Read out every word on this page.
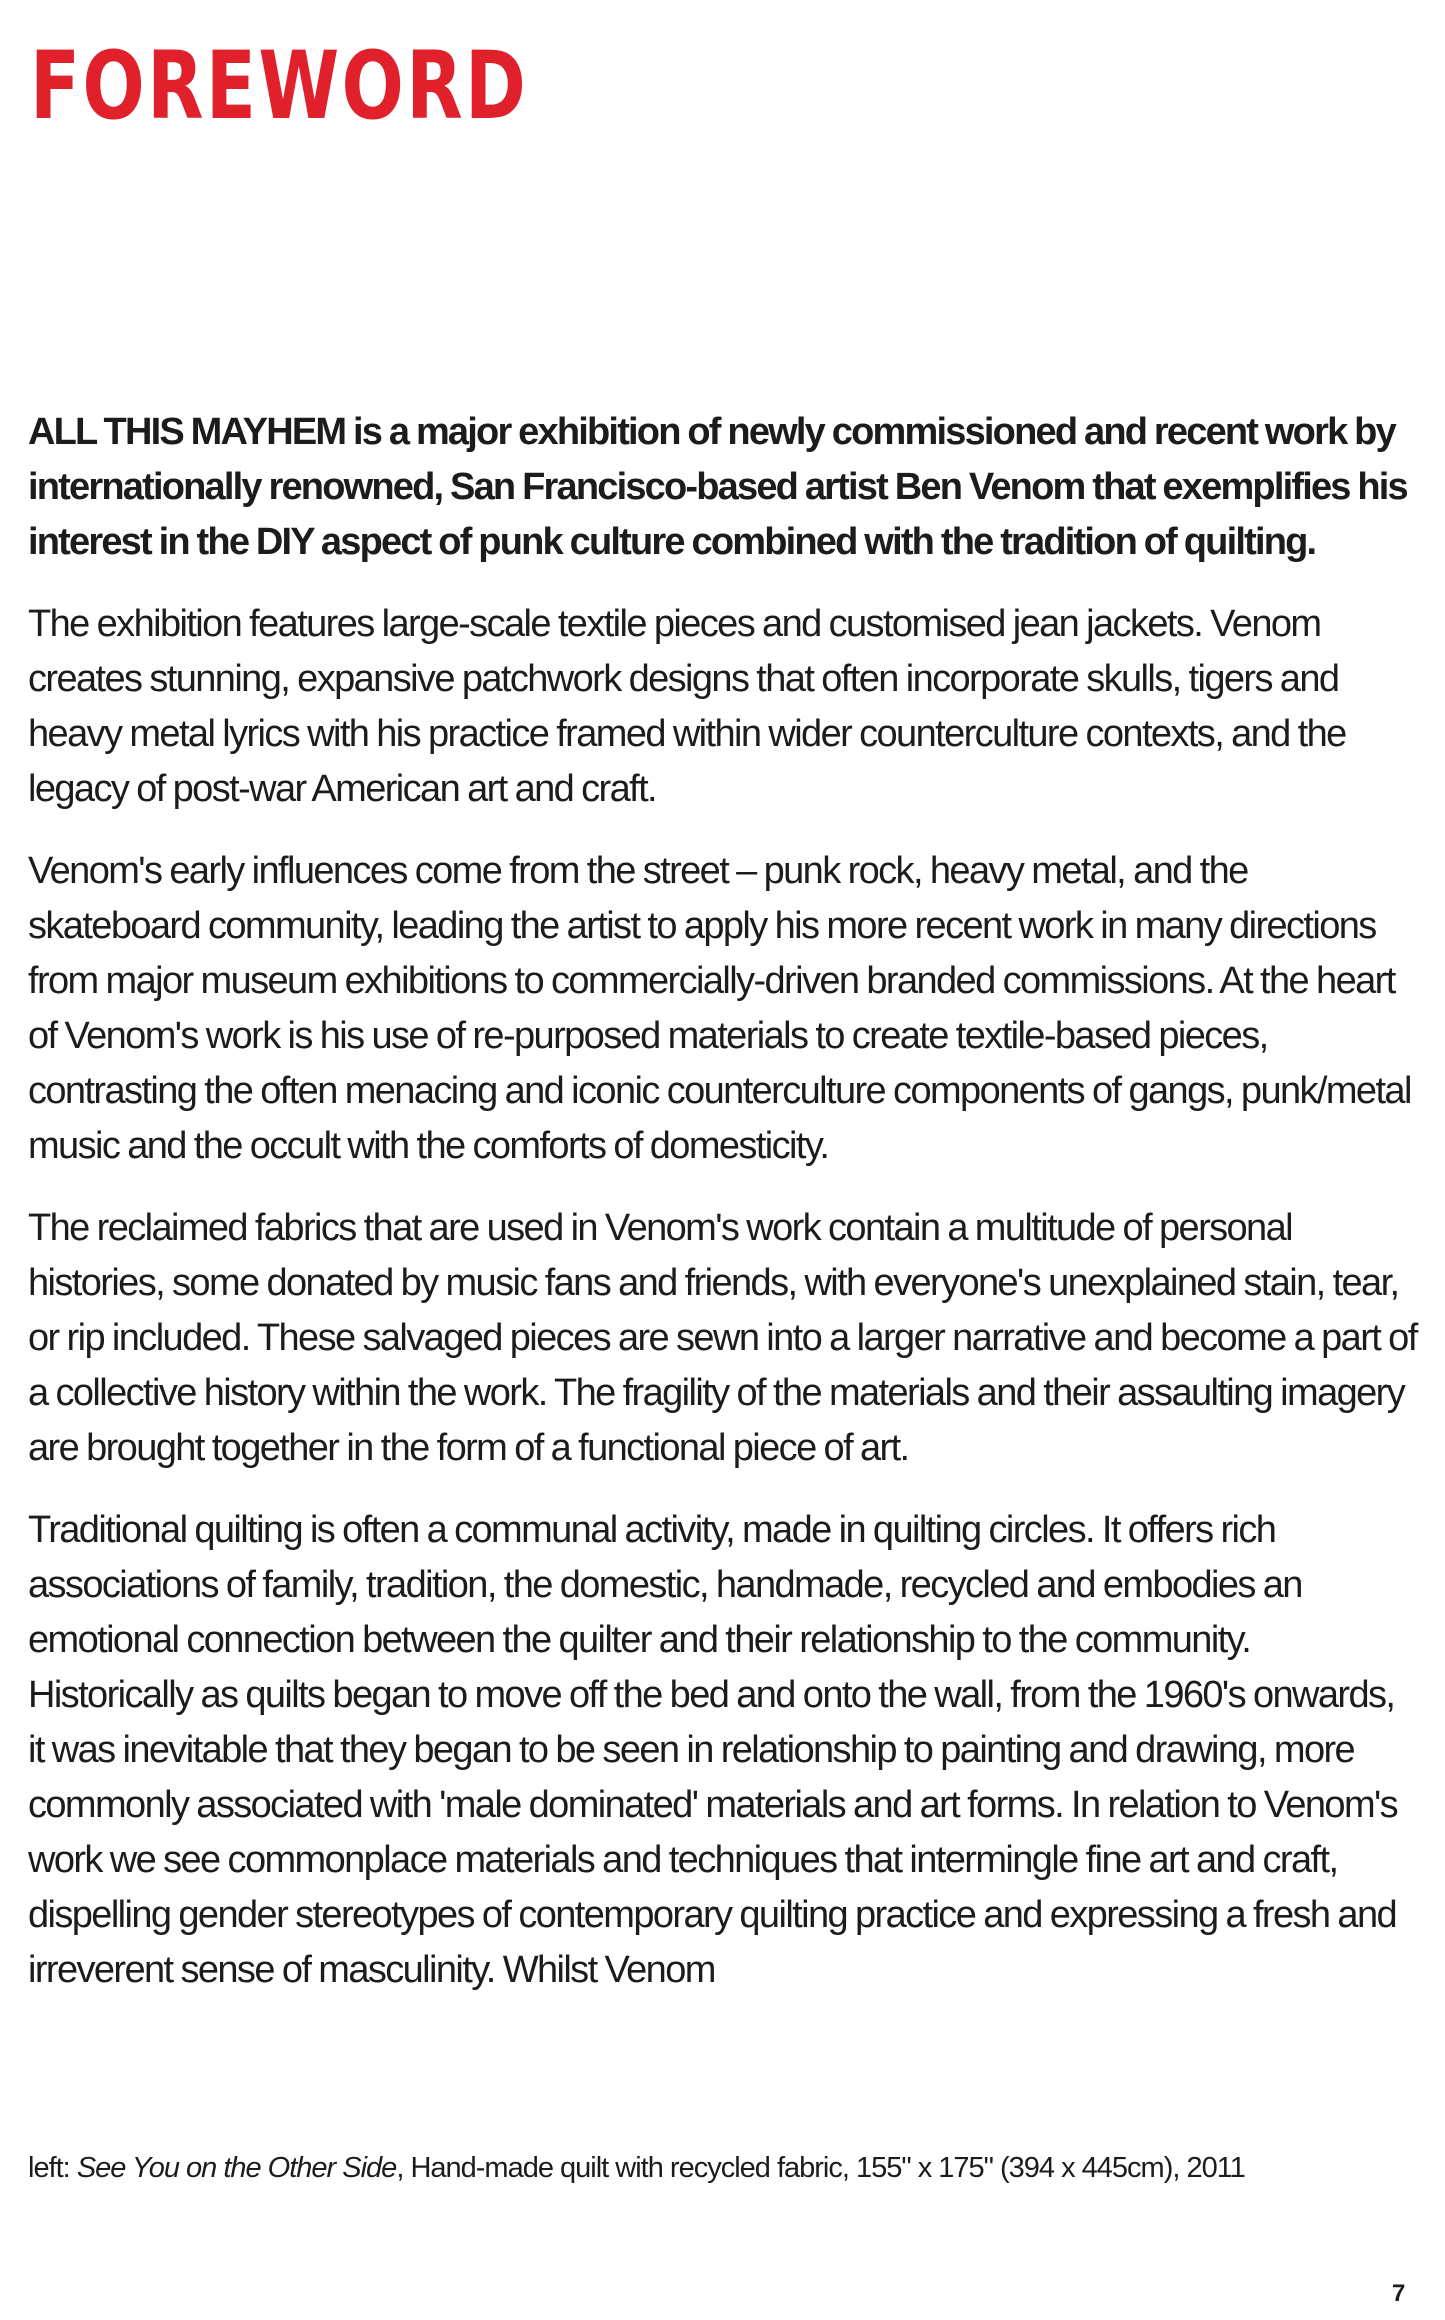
FOREWORD

ALL THIS MAYHEM is a major exhibition of newly commissioned and recent work by internationally renowned, San Francisco-based artist Ben Venom that exemplifies his interest in the DIY aspect of punk culture combined with the tradition of quilting.

The exhibition features large-scale textile pieces and customised jean jackets. Venom creates stunning, expansive patchwork designs that often incorporate skulls, tigers and heavy metal lyrics with his practice framed within wider counterculture contexts, and the legacy of post-war American art and craft.

Venom's early influences come from the street – punk rock, heavy metal, and the skateboard community, leading the artist to apply his more recent work in many directions from major museum exhibitions to commercially-driven branded commissions. At the heart of Venom's work is his use of re-purposed materials to create textile-based pieces, contrasting the often menacing and iconic counterculture components of gangs, punk/metal music and the occult with the comforts of domesticity.

The reclaimed fabrics that are used in Venom's work contain a multitude of personal histories, some donated by music fans and friends, with everyone's unexplained stain, tear, or rip included. These salvaged pieces are sewn into a larger narrative and become a part of a collective history within the work. The fragility of the materials and their assaulting imagery are brought together in the form of a functional piece of art.

Traditional quilting is often a communal activity, made in quilting circles. It offers rich associations of family, tradition, the domestic, handmade, recycled and embodies an emotional connection between the quilter and their relationship to the community. Historically as quilts began to move off the bed and onto the wall, from the 1960's onwards, it was inevitable that they began to be seen in relationship to painting and drawing, more commonly associated with 'male dominated' materials and art forms. In relation to Venom's work we see commonplace materials and techniques that intermingle fine art and craft, dispelling gender stereotypes of contemporary quilting practice and expressing a fresh and irreverent sense of masculinity. Whilst Venom

left: See You on the Other Side, Hand-made quilt with recycled fabric, 155" x 175" (394 x 445cm), 2011

7
